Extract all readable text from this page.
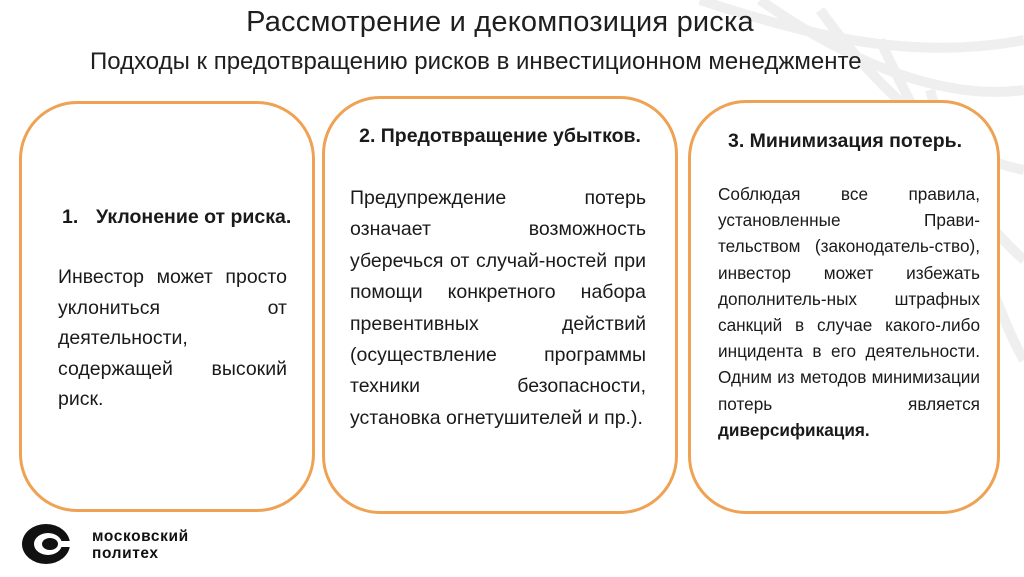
Рассмотрение и декомпозиция риска
Подходы к предотвращению рисков в инвестиционном менеджменте
1. Уклонение от риска.
Инвестор может просто уклониться от деятельности, содержащей высокий риск.
2. Предотвращение убытков.
Предупреждение потерь означает возможность уберечься от случай-ностей при помощи конкретного набора превентивных действий (осуществление программы техники безопасности, установка огнетушителей и пр.).
3. Минимизация потерь.
Соблюдая все правила, установленные Прави-тельством (законодатель-ство), инвестор может избежать дополнитель-ных штрафных санкций в случае какого-либо инцидента в его деятельности. Одним из методов минимизации потерь является диверсификация.
московский
политех
